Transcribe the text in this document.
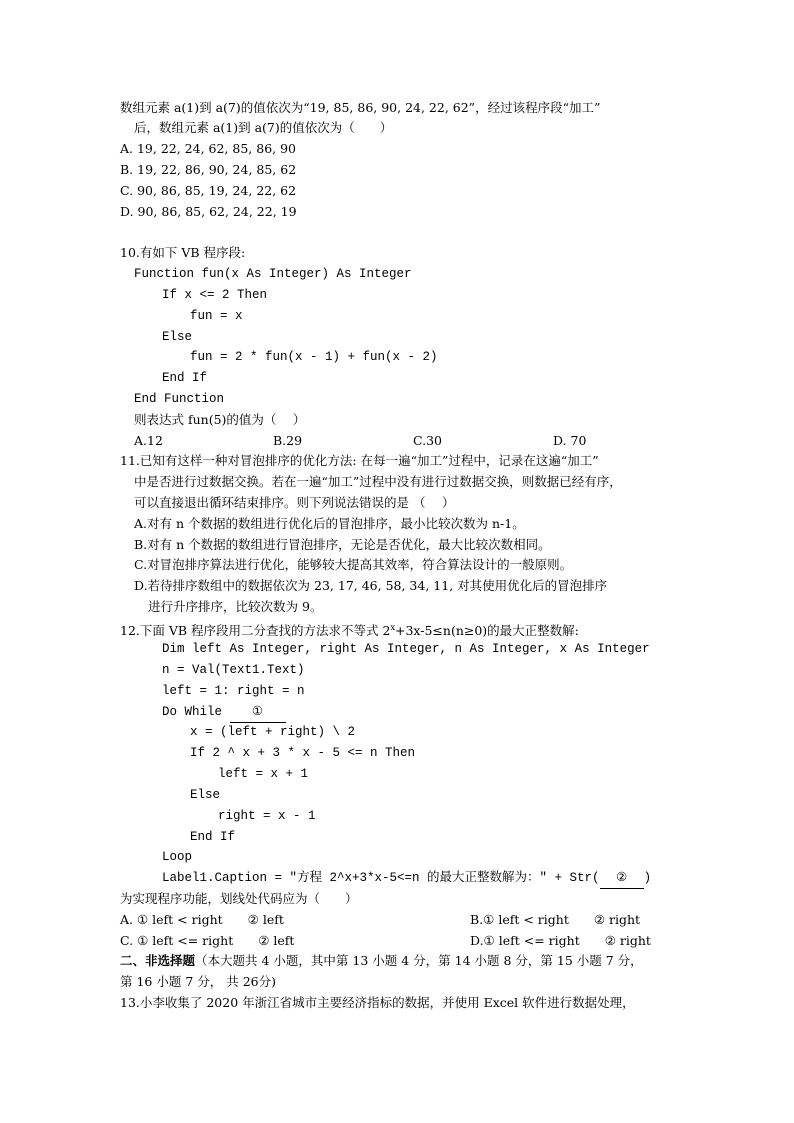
数组元素 a(1)到 a(7)的值依次为“19, 85, 86, 90, 24, 22, 62”，经过该程序段“加工”
后，数组元素 a(1)到 a(7)的值依次为（　　）
A. 19, 22, 24, 62, 85, 86, 90
B. 19, 22, 86, 90, 24, 85, 62
C. 90, 86, 85, 19, 24, 22, 62
D. 90, 86, 85, 62, 24, 22, 19
10.有如下 VB 程序段:
Function fun(x As Integer) As Integer
If x <= 2 Then
fun = x
Else
fun = 2 * fun(x - 1) + fun(x - 2)
End If
End Function
则表达式 fun(5)的值为（　 ）
A.12	B.29	C.30	D. 70
11.已知有这样一种对冒泡排序的优化方法: 在每一遍“加工”过程中，记录在这遍“加工”
中是否进行过数据交换。若在一遍“加工”过程中没有进行过数据交换，则数据已经有序，
可以直接退出循环结束排序。则下列说法错误的是 （　 ）
A.对有 n 个数据的数组进行优化后的冒泡排序，最小比较次数为 n-1。
B.对有 n 个数据的数组进行冒泡排序，无论是否优化，最大比较次数相同。
C.对冒泡排序算法进行优化，能够较大提高其效率，符合算法设计的一般原则。
D.若待排序数组中的数据依次为 23, 17, 46, 58, 34, 11, 对其使用优化后的冒泡排序
进行升序排序，比较次数为 9。
12.下面 VB 程序段用二分查找的方法求不等式 $2^x+3x-5\le n(n\ge 0)$的最大正整数解:
Dim left As Integer, right As Integer, n As Integer, x As Integer
n = Val(Text1.Text)
left = 1: right = n
Do While ①
x = (left + right) \ 2
If 2 ^ x + 3 * x - 5 <= n Then
left = x + 1
Else
right = x - 1
End If
Loop
Label1.Caption = "方程 2^x+3*x-5<=n 的最大正整数解为：" + Str( ② )
为实现程序功能，划线处代码应为（　　）
A. ① left < right　　② left	B.① left < right　　② right
C. ① left <= right　　② left	D.① left <= right　　② right
二、非选择题（本大题共 4 小题，其中第 13 小题 4 分，第 14 小题 8 分，第 15 小题 7 分，
第 16 小题 7 分， 共 26分)
13.小李收集了 2020 年浙江省城市主要经济指标的数据，并使用 Excel 软件进行数据处理，
